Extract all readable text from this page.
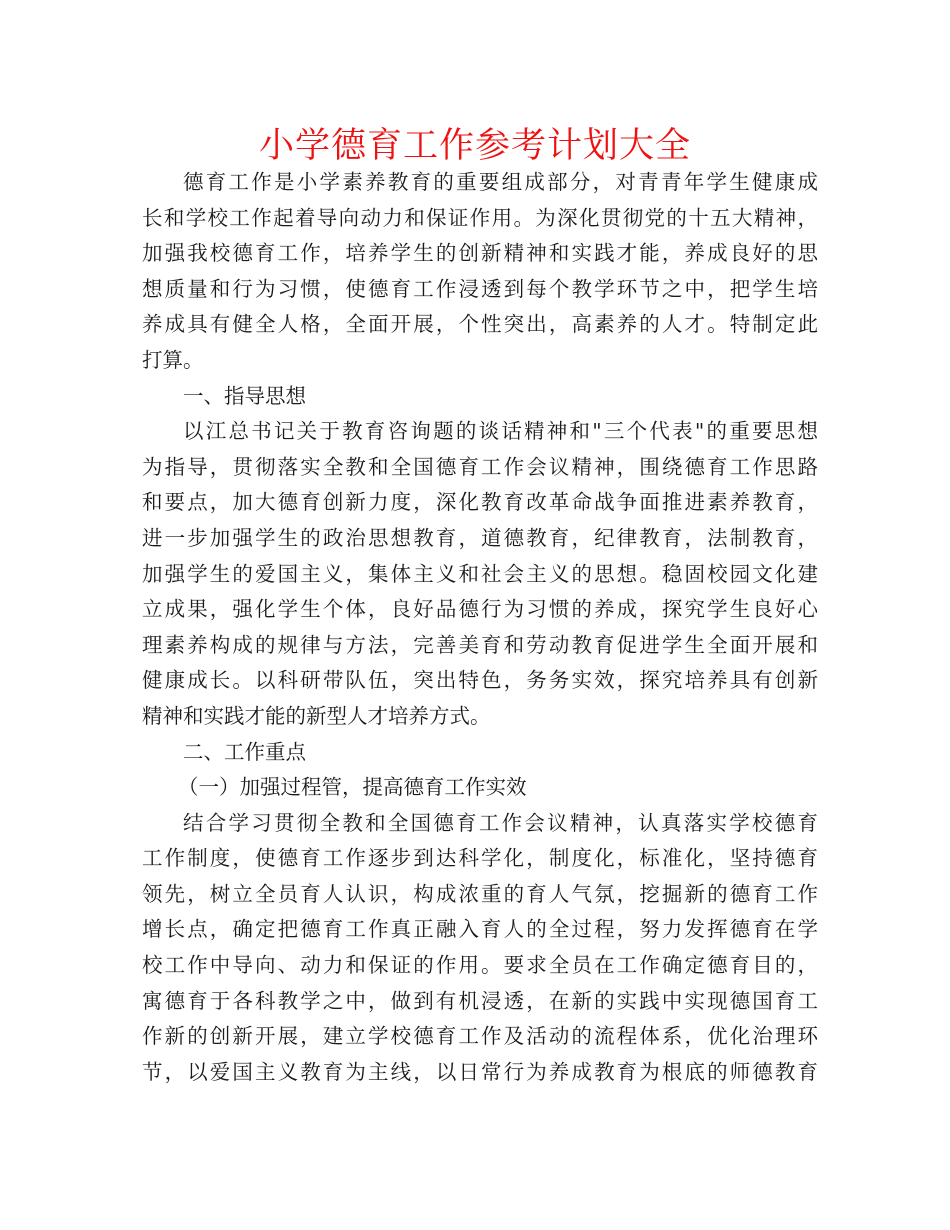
小学德育工作参考计划大全
德育工作是小学素养教育的重要组成部分，对青青年学生健康成
长和学校工作起着导向动力和保证作用。为深化贯彻党的十五大精神，
加强我校德育工作，培养学生的创新精神和实践才能，养成良好的思
想质量和行为习惯，使德育工作浸透到每个教学环节之中，把学生培
养成具有健全人格，全面开展，个性突出，高素养的人才。特制定此
打算。
一、指导思想
以江总书记关于教育咨询题的谈话精神和"三个代表"的重要思想
为指导，贯彻落实全教和全国德育工作会议精神，围绕德育工作思路
和要点，加大德育创新力度，深化教育改革命战争面推进素养教育，
进一步加强学生的政治思想教育，道德教育，纪律教育，法制教育，
加强学生的爱国主义，集体主义和社会主义的思想。稳固校园文化建
立成果，强化学生个体，良好品德行为习惯的养成，探究学生良好心
理素养构成的规律与方法，完善美育和劳动教育促进学生全面开展和
健康成长。以科研带队伍，突出特色，务务实效，探究培养具有创新
精神和实践才能的新型人才培养方式。
二、工作重点
（一）加强过程管，提高德育工作实效
结合学习贯彻全教和全国德育工作会议精神，认真落实学校德育
工作制度，使德育工作逐步到达科学化，制度化，标准化，坚持德育
领先，树立全员育人认识，构成浓重的育人气氛，挖掘新的德育工作
增长点，确定把德育工作真正融入育人的全过程，努力发挥德育在学
校工作中导向、动力和保证的作用。要求全员在工作确定德育目的，
寓德育于各科教学之中，做到有机浸透，在新的实践中实现德国育工
作新的创新开展，建立学校德育工作及活动的流程体系，优化治理环
节，以爱国主义教育为主线，以日常行为养成教育为根底的师德教育
